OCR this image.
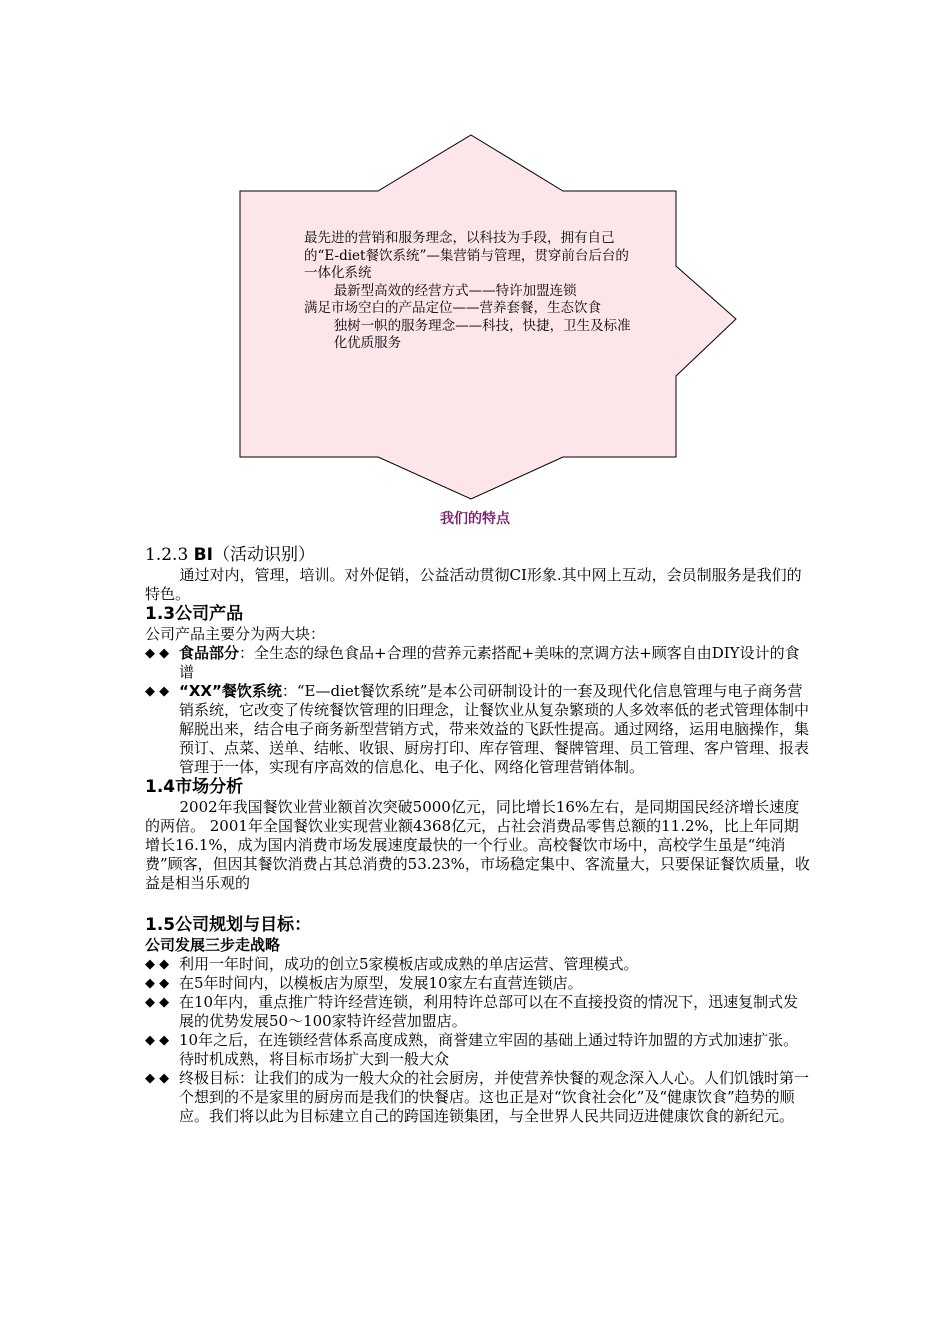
最先进的营销和服务理念，以科技为手段，拥有自己的“E-diet餐饮系统”—集营销与管理，贯穿前台后台的一体化系统

最新型高效的经营方式——特许加盟连锁

满足市场空白的产品定位——营养套餐，生态饮食

独树一帜的服务理念——科技，快捷，卫生及标准化优质服务

我们的特点

1.2.3 BI（活动识别）

通过对内，管理，培训。对外促销，公益活动贯彻CI形象.其中网上互动，会员制服务是我们的特色。

1.3公司产品

公司产品主要分为两大块：

◆ ◆ 食品部分：全生态的绿色食品+合理的营养元素搭配+美味的烹调方法+顾客自由DIY设计的食谱
◆ ◆ “XX”餐饮系统：“E—diet餐饮系统”是本公司研制设计的一套及现代化信息管理与电子商务营销系统，它改变了传统餐饮管理的旧理念，让餐饮业从复杂繁琐的人多效率低的老式管理体制中解脱出来，结合电子商务新型营销方式，带来效益的飞跃性提高。通过网络，运用电脑操作，集预订、点菜、送单、结帐、收银、厨房打印、库存管理、餐牌管理、员工管理、客户管理、报表管理于一体，实现有序高效的信息化、电子化、网络化管理营销体制。

1.4市场分析

2002年我国餐饮业营业额首次突破5000亿元，同比增长16%左右，是同期国民经济增长速度的两倍。 2001年全国餐饮业实现营业额4368亿元，占社会消费品零售总额的11.2%，比上年同期增长16.1%，成为国内消费市场发展速度最快的一个行业。高校餐饮市场中，高校学生虽是“纯消费”顾客，但因其餐饮消费占其总消费的53.23%，市场稳定集中、客流量大，只要保证餐饮质量，收益是相当乐观的

1.5公司规划与目标：

公司发展三步走战略

◆ ◆ 利用一年时间，成功的创立5家模板店或成熟的单店运营、管理模式。
◆ ◆ 在5年时间内，以模板店为原型，发展10家左右直营连锁店。
◆ ◆ 在10年内，重点推广特许经营连锁，利用特许总部可以在不直接投资的情况下，迅速复制式发展的优势发展50～100家特许经营加盟店。
◆ ◆ 10年之后，在连锁经营体系高度成熟，商誉建立牢固的基础上通过特许加盟的方式加速扩张。待时机成熟，将目标市场扩大到一般大众
◆ ◆ 终极目标：让我们的成为一般大众的社会厨房，并使营养快餐的观念深入人心。人们饥饿时第一个想到的不是家里的厨房而是我们的快餐店。这也正是对“饮食社会化”及“健康饮食”趋势的顺应。我们将以此为目标建立自己的跨国连锁集团，与全世界人民共同迈进健康饮食的新纪元。
